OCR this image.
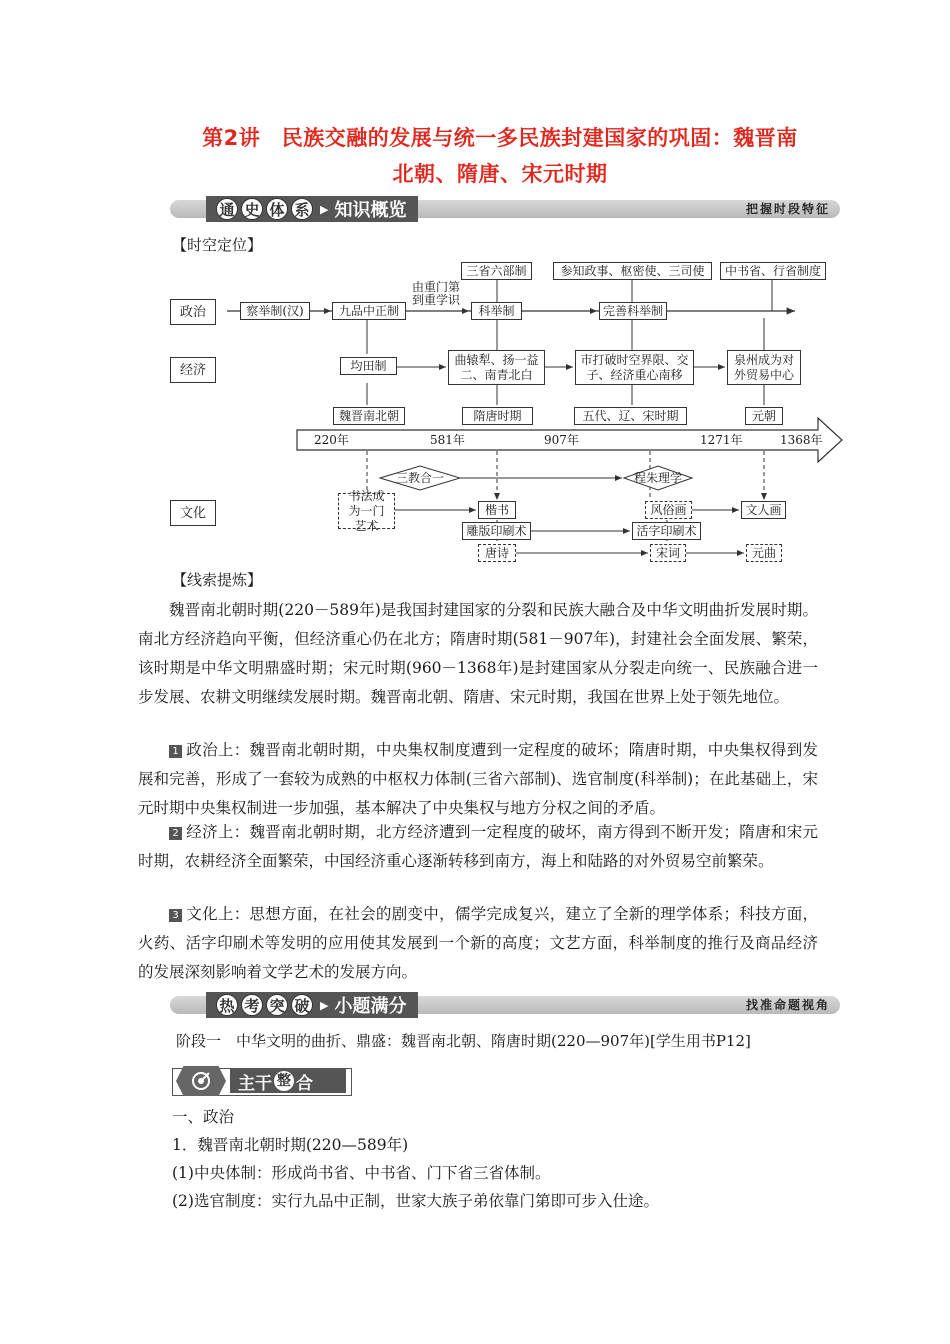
第2讲　民族交融的发展与统一多民族封建国家的巩固：魏晋南
北朝、隋唐、宋元时期
通 史 体 系 ▶ 知识概览	把握时段特征
【时空定位】
政治
经济
文化
察举制(汉)	九品中正制
由重门第到重学识
科举制
三省六部制
完善科举制
参知政事、枢密使、三司使	中书省、行省制度
均田制	曲辕犁、扬一益二、南青北白
市打破时空界限、交子、经济重心南移
泉州成为对外贸易中心
魏晋南北朝	隋唐时期	五代、辽、宋时期	元朝
220年	581年	907年	1271年	1368年
三教合一	程朱理学
书法成为一门艺术
楷书	风俗画	文人画
雕版印刷术	活字印刷术
唐诗	宋词	元曲
【线索提炼】
魏晋南北朝时期(220－589年)是我国封建国家的分裂和民族大融合及中华文明曲折发展时期。南北方经济趋向平衡，但经济重心仍在北方；隋唐时期(581－907年)，封建社会全面发展、繁荣，该时期是中华文明鼎盛时期；宋元时期(960－1368年)是封建国家从分裂走向统一、民族融合进一步发展、农耕文明继续发展时期。魏晋南北朝、隋唐、宋元时期，我国在世界上处于领先地位。
1 政治上：魏晋南北朝时期，中央集权制度遭到一定程度的破坏；隋唐时期，中央集权得到发展和完善，形成了一套较为成熟的中枢权力体制(三省六部制)、选官制度(科举制)；在此基础上，宋元时期中央集权制进一步加强，基本解决了中央集权与地方分权之间的矛盾。
2 经济上：魏晋南北朝时期，北方经济遭到一定程度的破坏，南方得到不断开发；隋唐和宋元时期，农耕经济全面繁荣，中国经济重心逐渐转移到南方，海上和陆路的对外贸易空前繁荣。
3 文化上：思想方面，在社会的剧变中，儒学完成复兴，建立了全新的理学体系；科技方面，火药、活字印刷术等发明的应用使其发展到一个新的高度；文艺方面，科举制度的推行及商品经济的发展深刻影响着文学艺术的发展方向。
热 考 突 破 ▶ 小题满分	找准命题视角
阶段一　中华文明的曲折、鼎盛：魏晋南北朝、隋唐时期(220—907年)[学生用书P12]
主干 整 合
一、政治
1．魏晋南北朝时期(220—589年)
(1)中央体制：形成尚书省、中书省、门下省三省体制。
(2)选官制度：实行九品中正制，世家大族子弟依靠门第即可步入仕途。
